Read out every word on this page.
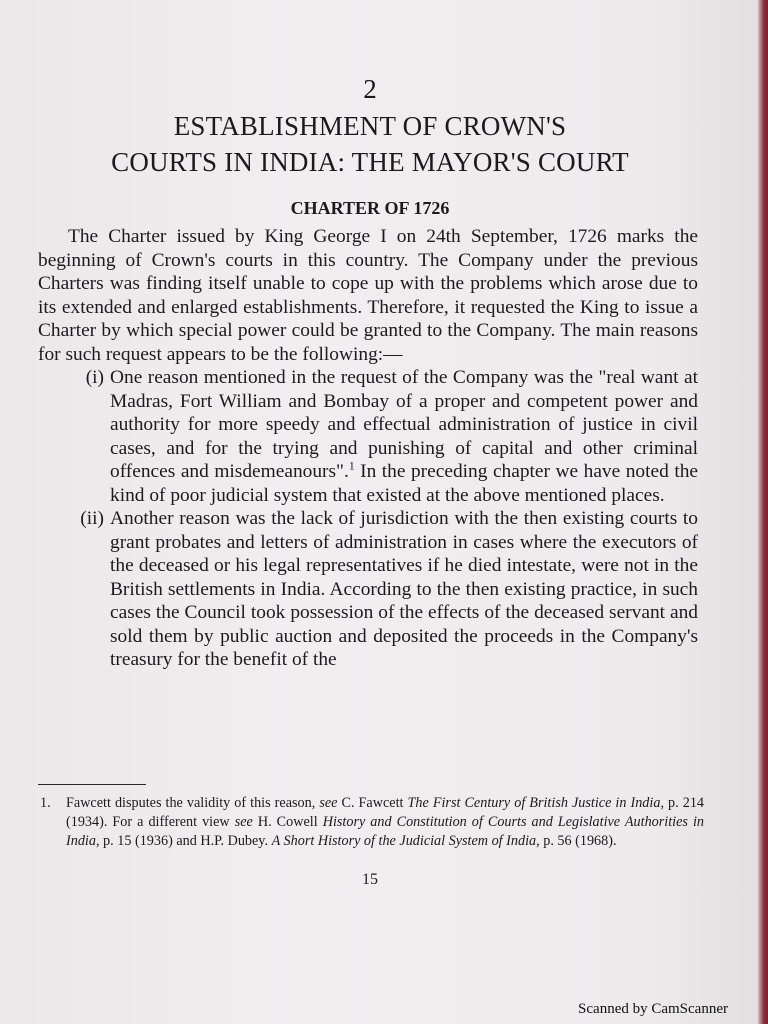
2
ESTABLISHMENT OF CROWN'S
COURTS IN INDIA: THE MAYOR'S COURT
CHARTER OF 1726

The Charter issued by King George I on 24th September, 1726 marks the beginning of Crown's courts in this country. The Company under the previous Charters was finding itself unable to cope up with the problems which arose due to its extended and enlarged establishments. Therefore, it requested the King to issue a Charter by which special power could be granted to the Company. The main reasons for such request appears to be the following:—

(i) One reason mentioned in the request of the Company was the "real want at Madras, Fort William and Bombay of a proper and competent power and authority for more speedy and effectual administration of justice in civil cases, and for the trying and punishing of capital and other criminal offences and misdemeanours".$^1$ In the preceding chapter we have noted the kind of poor judicial system that existed at the above mentioned places.
(ii) Another reason was the lack of jurisdiction with the then existing courts to grant probates and letters of administration in cases where the executors of the deceased or his legal representatives if he died intestate, were not in the British settlements in India. According to the then existing practice, in such cases the Council took possession of the effects of the deceased servant and sold them by public auction and deposited the proceeds in the Company's treasury for the benefit of the
1.	Fawcett disputes the validity of this reason, see C. Fawcett The First Century of British Justice in India, p. 214 (1934). For a different view see H. Cowell History and Constitution of Courts and Legislative Authorities in India, p. 15 (1936) and H.P. Dubey. A Short History of the Judicial System of India, p. 56 (1968).
15
Scanned by CamScanner
